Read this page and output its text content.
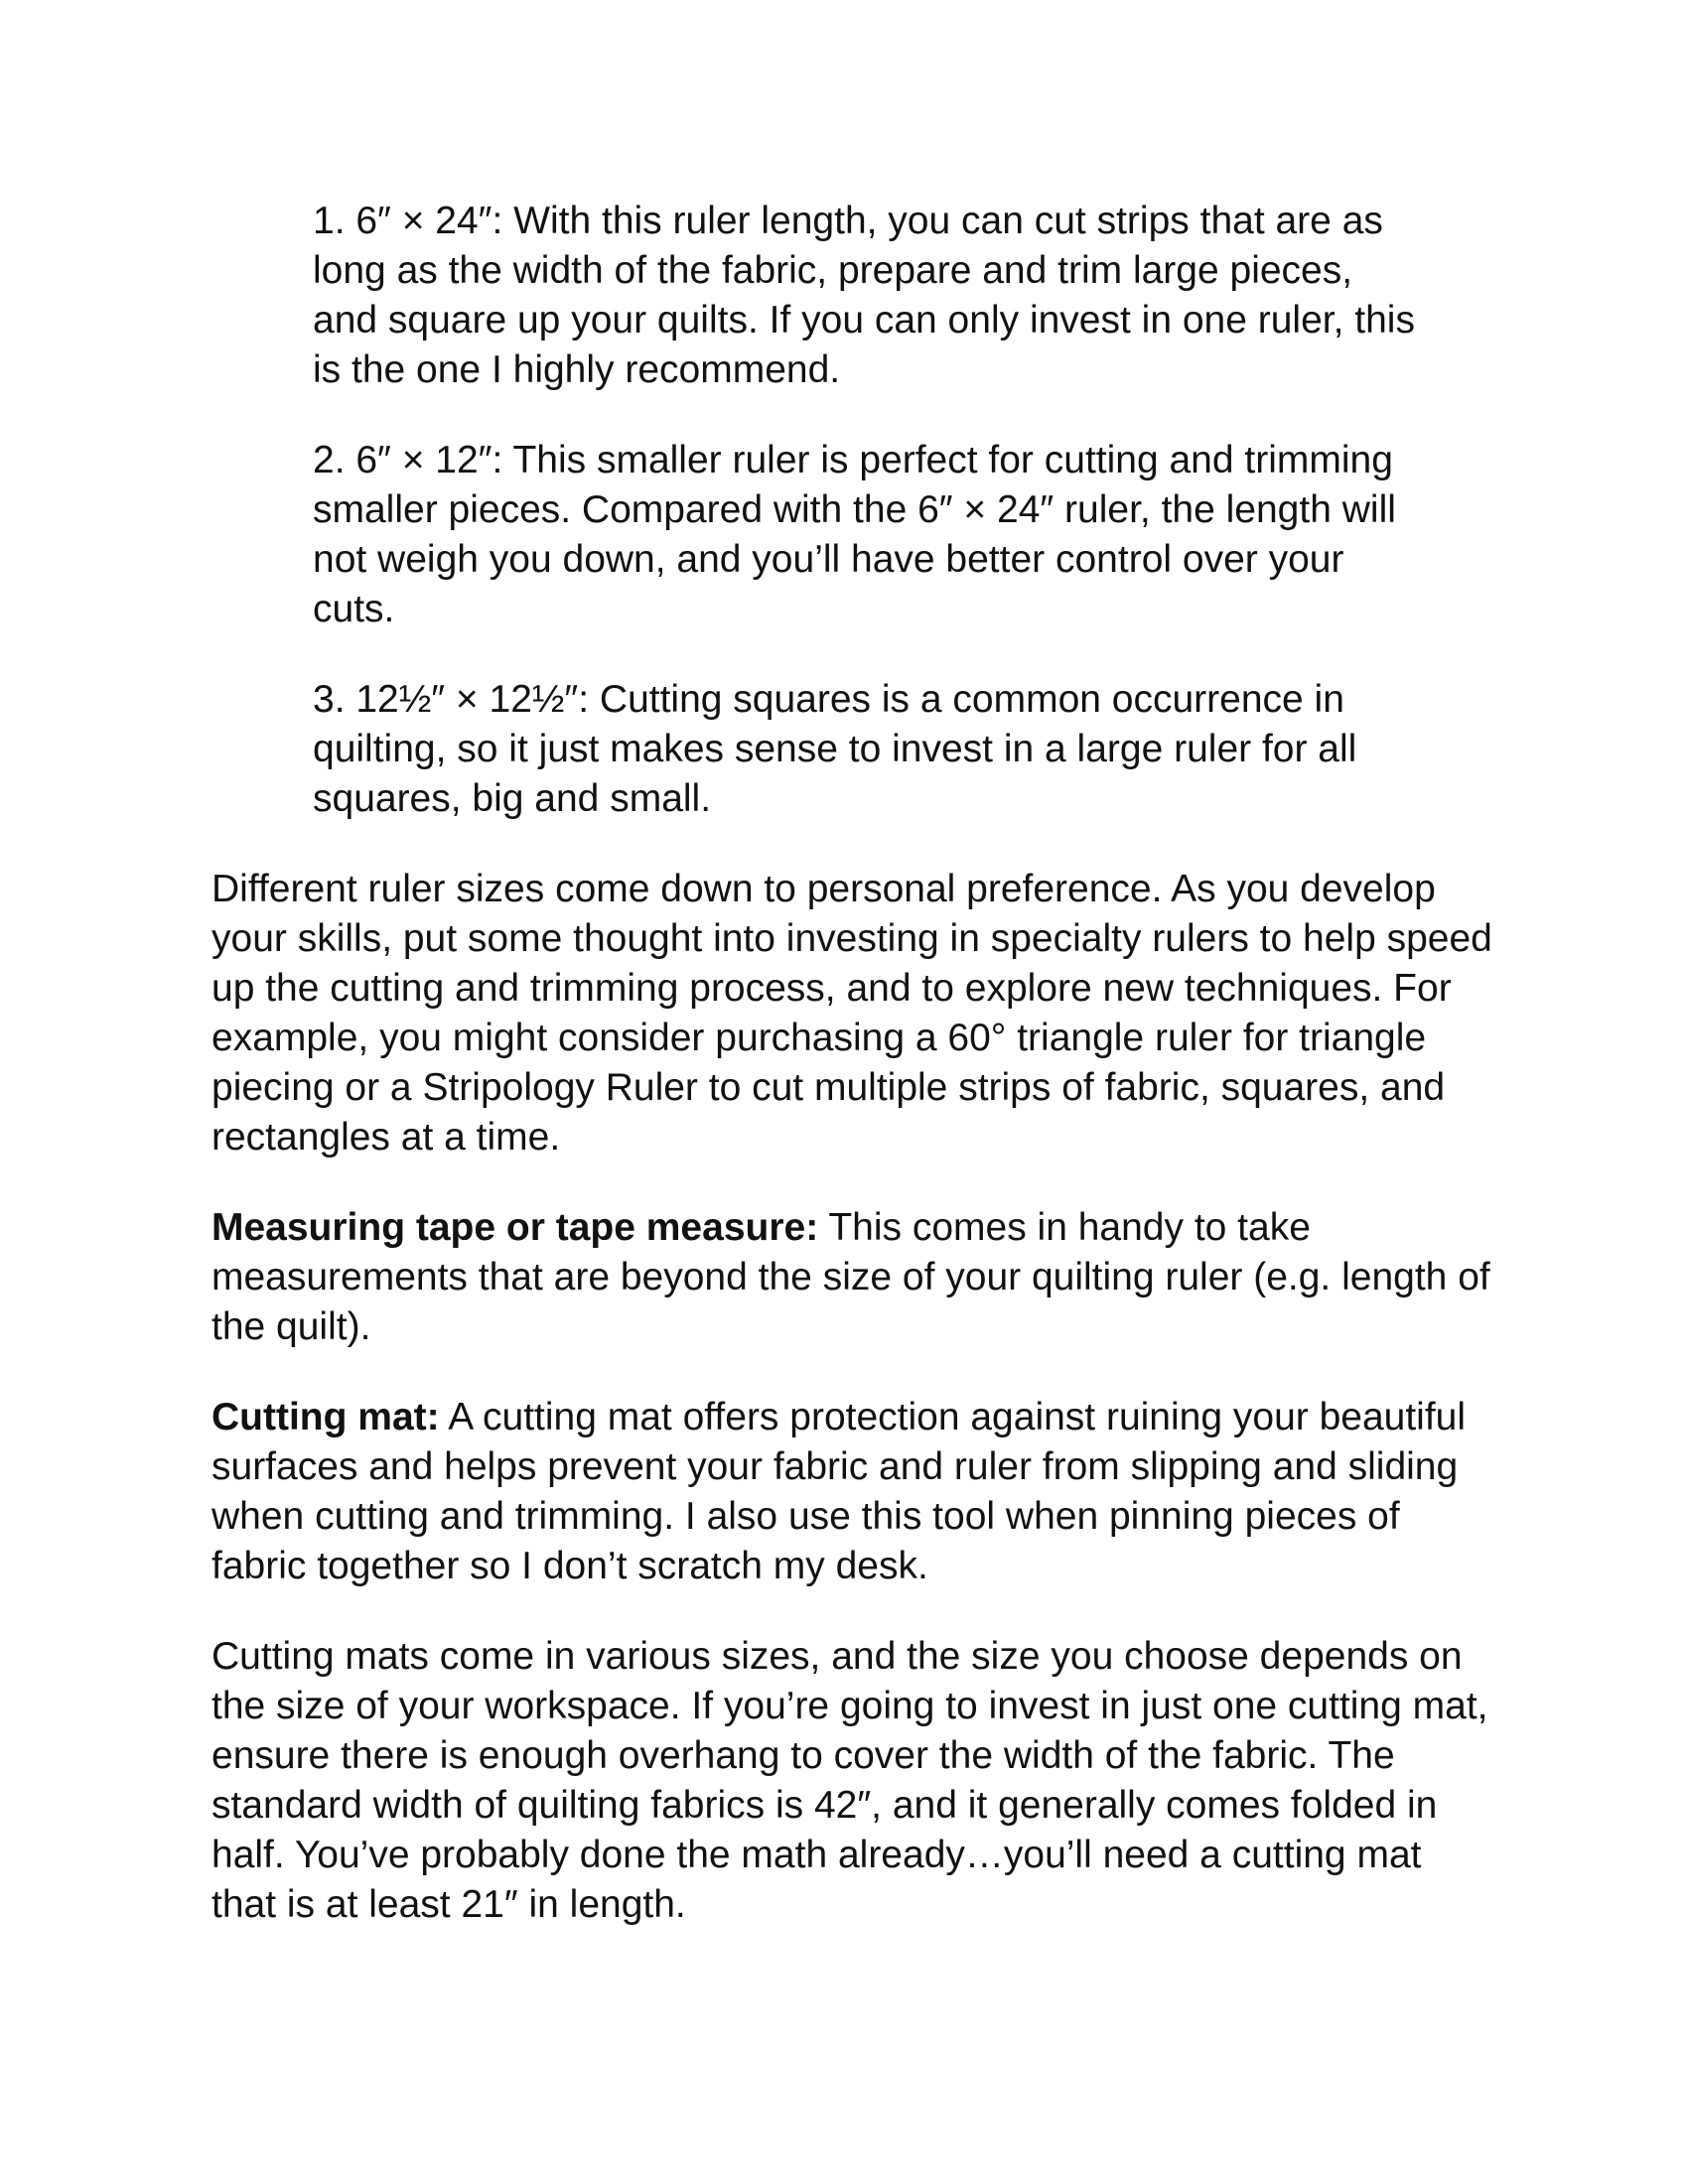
1. 6″ × 24″: With this ruler length, you can cut strips that are as long as the width of the fabric, prepare and trim large pieces, and square up your quilts. If you can only invest in one ruler, this is the one I highly recommend.
2. 6″ × 12″: This smaller ruler is perfect for cutting and trimming smaller pieces. Compared with the 6″ × 24″ ruler, the length will not weigh you down, and you’ll have better control over your cuts.
3. 12½″ × 12½″: Cutting squares is a common occurrence in quilting, so it just makes sense to invest in a large ruler for all squares, big and small.

Different ruler sizes come down to personal preference. As you develop your skills, put some thought into investing in specialty rulers to help speed up the cutting and trimming process, and to explore new techniques. For example, you might consider purchasing a 60° triangle ruler for triangle piecing or a Stripology Ruler to cut multiple strips of fabric, squares, and rectangles at a time.

Measuring tape or tape measure: This comes in handy to take measurements that are beyond the size of your quilting ruler (e.g. length of the quilt).

Cutting mat: A cutting mat offers protection against ruining your beautiful surfaces and helps prevent your fabric and ruler from slipping and sliding when cutting and trimming. I also use this tool when pinning pieces of fabric together so I don’t scratch my desk.

Cutting mats come in various sizes, and the size you choose depends on the size of your workspace. If you’re going to invest in just one cutting mat, ensure there is enough overhang to cover the width of the fabric. The standard width of quilting fabrics is 42″, and it generally comes folded in half. You’ve probably done the math already…you’ll need a cutting mat that is at least 21″ in length.
